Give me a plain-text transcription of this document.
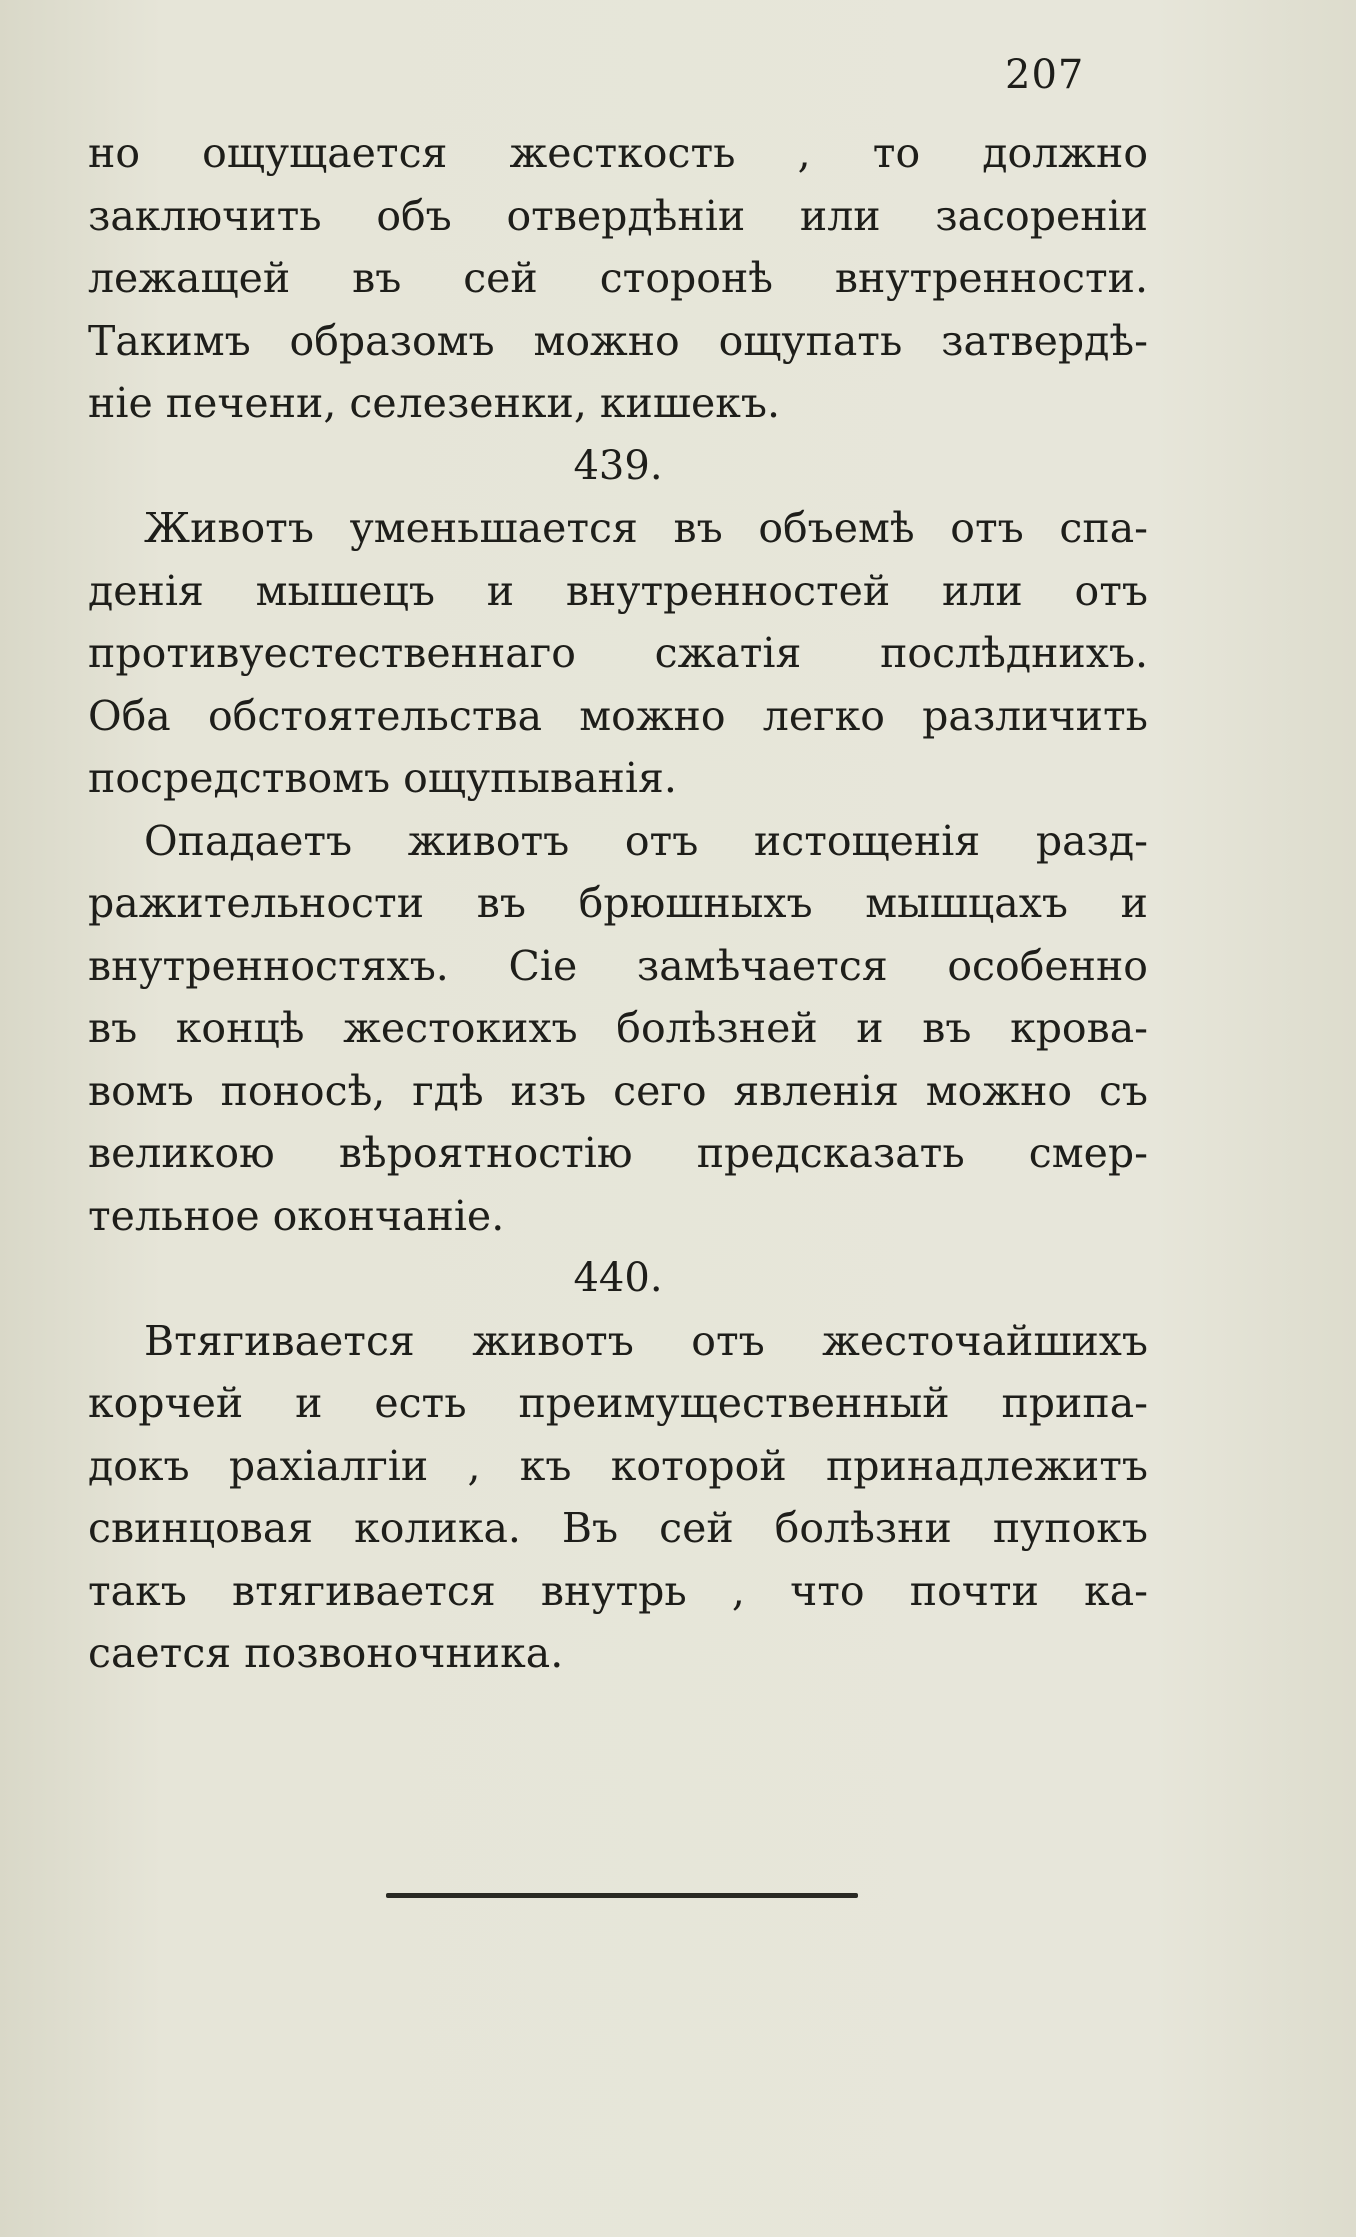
207
но ощущается жесткость , то должно
заключить объ отвердѣніи или засореніи
лежащей въ сей сторонѣ внутренности.
Такимъ образомъ можно ощупать затвердѣ-
ніе печени, селезенки, кишекъ.
439.
Животъ уменьшается въ объемѣ отъ спа-
денія мышецъ и внутренностей или отъ
противуестественнаго сжатія послѣднихъ.
Оба обстоятельства можно легко различить
посредствомъ ощупыванія.
Опадаетъ животъ отъ истощенія разд-
ражительности въ брюшныхъ мышцахъ и
внутренностяхъ. Сіе замѣчается особенно
въ концѣ жестокихъ болѣзней и въ крова-
вомъ поносѣ, гдѣ изъ сего явленія можно съ
великою вѣроятностію предсказать смер-
тельное окончаніе.
440.
Втягивается животъ отъ жесточайшихъ
корчей и есть преимущественный припа-
докъ рахіалгіи , къ которой принадлежитъ
свинцовая колика. Въ сей болѣзни пупокъ
такъ втягивается внутрь , что почти ка-
сается позвоночника.
